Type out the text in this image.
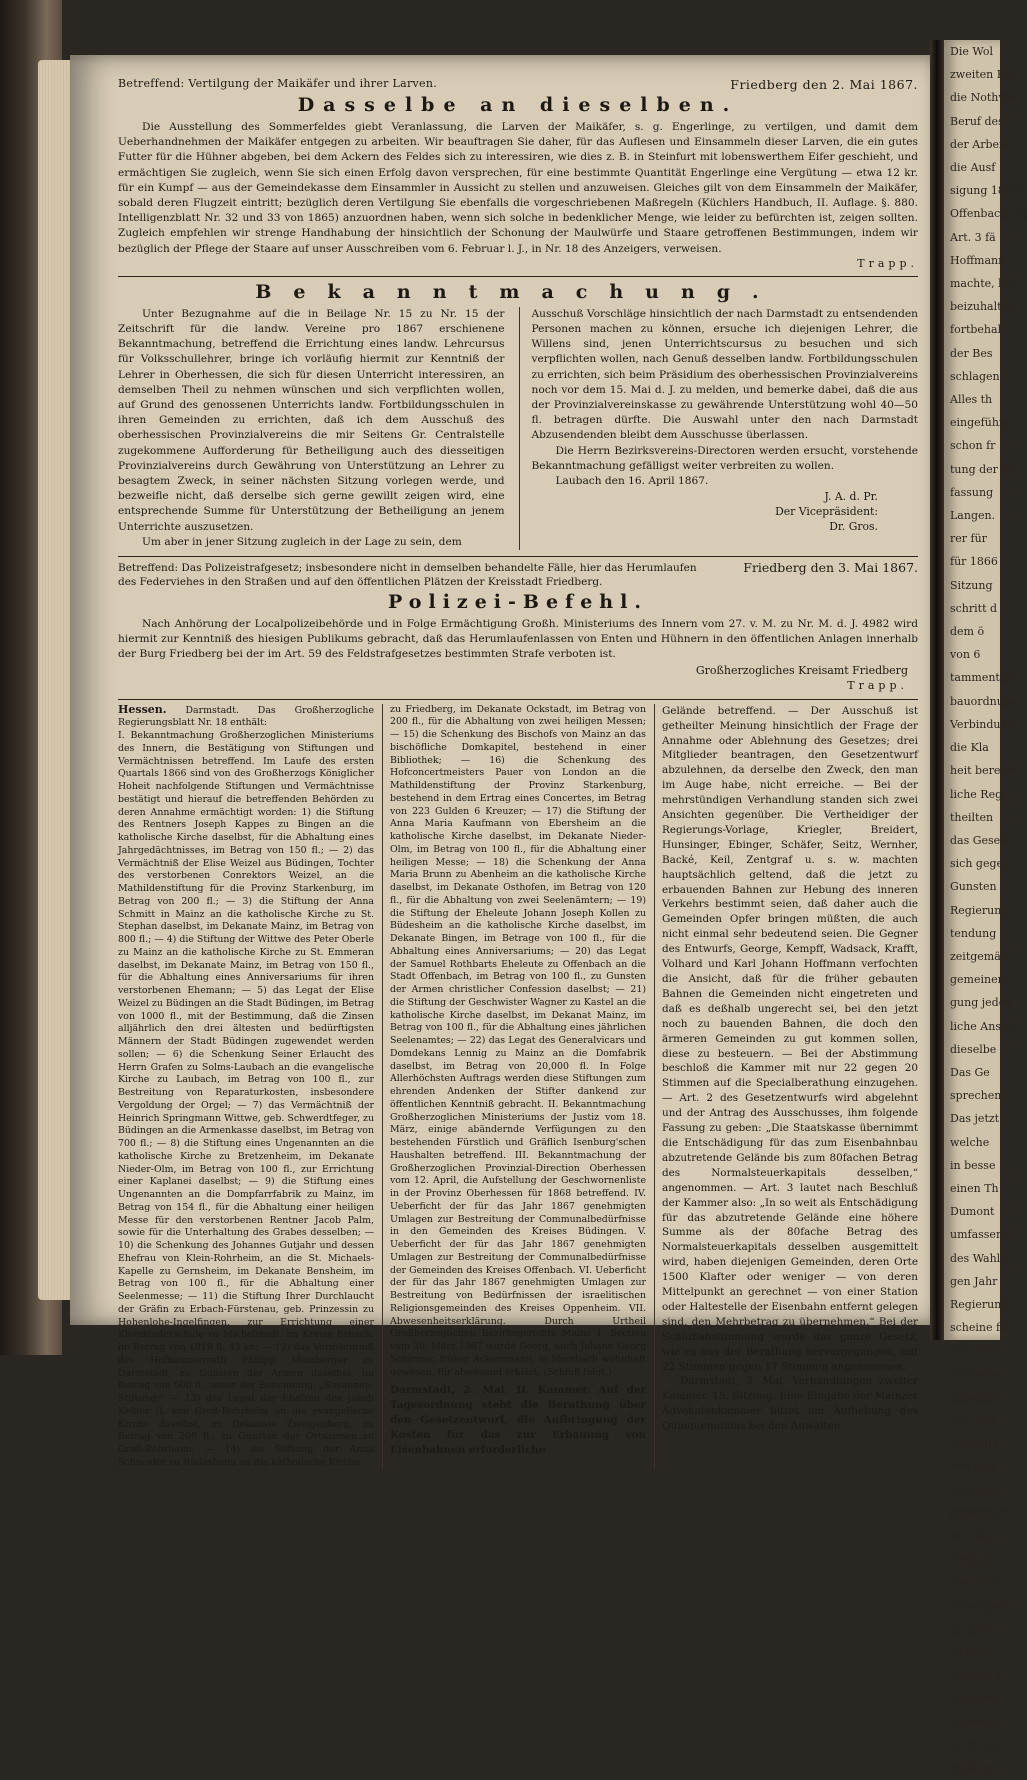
Betreffend: Vertilgung der Maikäfer und ihrer Larven.	Friedberg den 2. Mai 1867.
Dasselbe an dieselben.

Die Ausstellung des Sommerfeldes giebt Veranlassung, die Larven der Maikäfer, s. g. Engerlinge, zu vertilgen, und damit dem Ueberhandnehmen der Maikäfer entgegen zu arbeiten. Wir beauftragen Sie daher, für das Auflesen und Einsammeln dieser Larven, die ein gutes Futter für die Hühner abgeben, bei dem Ackern des Feldes sich zu interessiren, wie dies z. B. in Steinfurt mit lobenswerthem Eifer geschieht, und ermächtigen Sie zugleich, wenn Sie sich einen Erfolg davon versprechen, für eine bestimmte Quantität Engerlinge eine Vergütung — etwa 12 kr. für ein Kumpf — aus der Gemeindekasse dem Einsammler in Aussicht zu stellen und anzuweisen. Gleiches gilt von dem Einsammeln der Maikäfer, sobald deren Flugzeit eintritt; bezüglich deren Vertilgung Sie ebenfalls die vorgeschriebenen Maßregeln (Küchlers Handbuch, II. Auflage. §. 880. Intelligenzblatt Nr. 32 und 33 von 1865) anzuordnen haben, wenn sich solche in bedenklicher Menge, wie leider zu befürchten ist, zeigen sollten. Zugleich empfehlen wir strenge Handhabung der hinsichtlich der Schonung der Maulwürfe und Staare getroffenen Bestimmungen, indem wir bezüglich der Pflege der Staare auf unser Ausschreiben vom 6. Februar l. J., in Nr. 18 des Anzeigers, verweisen.

Trapp.
Bekanntmachung.

Unter Bezugnahme auf die in Beilage Nr. 15 zu Nr. 15 der Zeitschrift für die landw. Vereine pro 1867 erschienene Bekanntmachung, betreffend die Errichtung eines landw. Lehrcursus für Volksschullehrer, bringe ich vorläufig hiermit zur Kenntniß der Lehrer in Oberhessen, die sich für diesen Unterricht interessiren, an demselben Theil zu nehmen wünschen und sich verpflichten wollen, auf Grund des genossenen Unterrichts landw. Fortbildungsschulen in ihren Gemeinden zu errichten, daß ich dem Ausschuß des oberhessischen Provinzialvereins die mir Seitens Gr. Centralstelle zugekommene Aufforderung für Betheiligung auch des diesseitigen Provinzialvereins durch Gewährung von Unterstützung an Lehrer zu besagtem Zweck, in seiner nächsten Sitzung vorlegen werde, und bezweifle nicht, daß derselbe sich gerne gewillt zeigen wird, eine entsprechende Summe für Unterstützung der Betheiligung an jenem Unterrichte auszusetzen.

Um aber in jener Sitzung zugleich in der Lage zu sein, dem

Ausschuß Vorschläge hinsichtlich der nach Darmstadt zu entsendenden Personen machen zu können, ersuche ich diejenigen Lehrer, die Willens sind, jenen Unterrichtscursus zu besuchen und sich verpflichten wollen, nach Genuß desselben landw. Fortbildungsschulen zu errichten, sich beim Präsidium des oberhessischen Provinzialvereins noch vor dem 15. Mai d. J. zu melden, und bemerke dabei, daß die aus der Provinzialvereinskasse zu gewährende Unterstützung wohl 40—50 fl. betragen dürfte. Die Auswahl unter den nach Darmstadt Abzusendenden bleibt dem Ausschusse überlassen.

Die Herrn Bezirksvereins-Directoren werden ersucht, vorstehende Bekanntmachung gefälligst weiter verbreiten zu wollen.

Laubach den 16. April 1867.

J. A. d. Pr.
Der Vicepräsident:
Dr. Gros.
Betreffend: Das Polizeistrafgesetz; insbesondere nicht in demselben behandelte Fälle, hier das Herumlaufen des Federviehes in den Straßen und auf den öffentlichen Plätzen der Kreisstadt Friedberg.
Friedberg den 3. Mai 1867.
Polizei-Befehl.

Nach Anhörung der Localpolizeibehörde und in Folge Ermächtigung Großh. Ministeriums des Innern vom 27. v. M. zu Nr. M. d. J. 4982 wird hiermit zur Kenntniß des hiesigen Publikums gebracht, daß das Herumlaufenlassen von Enten und Hühnern in den öffentlichen Anlagen innerhalb der Burg Friedberg bei der im Art. 59 des Feldstrafgesetzes bestimmten Strafe verboten ist.

Großherzogliches Kreisamt Friedberg
Trapp.

Hessen. Darmstadt. Das Großherzogliche Regierungsblatt Nr. 18 enthält:

I. Bekanntmachung Großherzoglichen Ministeriums des Innern, die Bestätigung von Stiftungen und Vermächtnissen betreffend. Im Laufe des ersten Quartals 1866 sind von des Großherzogs Königlicher Hoheit nachfolgende Stiftungen und Vermächtnisse bestätigt und hierauf die betreffenden Behörden zu deren Annahme ermächtigt worden: 1) die Stiftung des Rentners Joseph Kappes zu Bingen an die katholische Kirche daselbst, für die Abhaltung eines Jahrgedächtnisses, im Betrag von 150 fl.; — 2) das Vermächtniß der Elise Weizel aus Büdingen, Tochter des verstorbenen Conrektors Weizel, an die Mathildenstiftung für die Provinz Starkenburg, im Betrag von 200 fl.; — 3) die Stiftung der Anna Schmitt in Mainz an die katholische Kirche zu St. Stephan daselbst, im Dekanate Mainz, im Betrag von 800 fl.; — 4) die Stiftung der Wittwe des Peter Oberle zu Mainz an die katholische Kirche zu St. Emmeran daselbst, im Dekanate Mainz, im Betrag von 150 fl., für die Abhaltung eines Anniversariums für ihren verstorbenen Ehemann; — 5) das Legat der Elise Weizel zu Büdingen an die Stadt Büdingen, im Betrag von 1000 fl., mit der Bestimmung, daß die Zinsen alljährlich den drei ältesten und bedürftigsten Männern der Stadt Büdingen zugewendet werden sollen; — 6) die Schenkung Seiner Erlaucht des Herrn Grafen zu Solms-Laubach an die evangelische Kirche zu Laubach, im Betrag von 100 fl., zur Bestreitung von Reparaturkosten, insbesondere Vergoldung der Orgel; — 7) das Vermächtniß der Heinrich Springmann Wittwe, geb. Schwerdtfeger, zu Büdingen an die Armenkasse daselbst, im Betrag von 700 fl.; — 8) die Stiftung eines Ungenannten an die katholische Kirche zu Bretzenheim, im Dekanate Nieder-Olm, im Betrag von 100 fl., zur Errichtung einer Kaplanei daselbst; — 9) die Stiftung eines Ungenannten an die Dompfarrfabrik zu Mainz, im Betrag von 154 fl., für die Abhaltung einer heiligen Messe für den verstorbenen Rentner Jacob Palm, sowie für die Unterhaltung des Grabes desselben; — 10) die Schenkung des Johannes Gutjahr und dessen Ehefrau von Klein-Rohrheim, an die St. Michaels-Kapelle zu Gernsheim, im Dekanate Bensheim, im Betrag von 100 fl., für die Abhaltung einer Seelenmesse; — 11) die Stiftung Ihrer Durchlaucht der Gräfin zu Erbach-Fürstenau, geb. Prinzessin zu Hohenlohe-Ingelfingen, zur Errichtung einer Kleinkinderschule zu Michelstadt, im Kreise Erbach, im Betrag von 1019 fl. 43 kr.; — 12) das Vermächtniß des Hofkammerrath Philipp Momberger zu Darmstadt, zu Gunsten der Armen daselbst, im Betrag von 500 fl., unter der Benennung: „Susannen-Stiftung;“ — 13) das Legat der Ehefrau des Jakob Keßler II. von Groß-Rohrheim an die evangelische Kirche daselbst, im Dekanate Zwingenberg, im Betrag von 200 fl., zu Gunsten der Ortsarmen zu Groß-Rohrheim; — 14) die Stiftung der Anna Schneider zu Rüdesheim an die katholische Kirche

zu Friedberg, im Dekanate Ockstadt, im Betrag von 200 fl., für die Abhaltung von zwei heiligen Messen; — 15) die Schenkung des Bischofs von Mainz an das bischöfliche Domkapitel, bestehend in einer Bibliothek; — 16) die Schenkung des Hofconcertmeisters Pauer von London an die Mathildenstiftung der Provinz Starkenburg, bestehend in dem Ertrag eines Concertes, im Betrag von 223 Gulden 6 Kreuzer; — 17) die Stiftung der Anna Maria Kaufmann von Ebersheim an die katholische Kirche daselbst, im Dekanate Nieder-Olm, im Betrag von 100 fl., für die Abhaltung einer heiligen Messe; — 18) die Schenkung der Anna Maria Brunn zu Abenheim an die katholische Kirche daselbst, im Dekanate Osthofen, im Betrag von 120 fl., für die Abhaltung von zwei Seelenämtern; — 19) die Stiftung der Eheleute Johann Joseph Kollen zu Büdesheim an die katholische Kirche daselbst, im Dekanate Bingen, im Betrage von 100 fl., für die Abhaltung eines Anniversariums; — 20) das Legat der Samuel Rothbarts Eheleute zu Offenbach an die Stadt Offenbach, im Betrag von 100 fl., zu Gunsten der Armen christlicher Confession daselbst; — 21) die Stiftung der Geschwister Wagner zu Kastel an die katholische Kirche daselbst, im Dekanat Mainz, im Betrag von 100 fl., für die Abhaltung eines jährlichen Seelenamtes; — 22) das Legat des Generalvicars und Domdekans Lennig zu Mainz an die Domfabrik daselbst, im Betrag von 20,000 fl. In Folge Allerhöchsten Auftrags werden diese Stiftungen zum ehrenden Andenken der Stifter dankend zur öffentlichen Kenntniß gebracht. II. Bekanntmachung Großherzoglichen Ministeriums der Justiz vom 18. März, einige abändernde Verfügungen zu den bestehenden Fürstlich und Gräflich Isenburg'schen Haushalten betreffend. III. Bekanntmachung der Großherzoglichen Provinzial-Direction Oberhessen vom 12. April, die Aufstellung der Geschwornenliste in der Provinz Oberhessen für 1868 betreffend. IV. Ueberficht der für das Jahr 1867 genehmigten Umlagen zur Bestreitung der Communalbedürfnisse in den Gemeinden des Kreises Büdingen. V. Ueberficht der für das Jahr 1867 genehmigten Umlagen zur Bestreitung der Communalbedürfnisse der Gemeinden des Kreises Offenbach. VI. Ueberficht der für das Jahr 1867 genehmigten Umlagen zur Bestreitung von Bedürfnissen der israelitischen Religionsgemeinden des Kreises Oppenheim. VII. Abwesenheitserklärung. Durch Urtheil Großherzoglichen Bezirksgerichts Mainz I. Section vom 30. März 1867 wurde Georg, auch Johann Georg Schirmer, früher Ackersmann, in Mombach wohnhaft gewesen, für abwesend erklärt. (Schluß folgt.)

Darmstadt, 2. Mai. II. Kammer. Auf der Tagesordnung steht die Berathung über den Gesetzentwurf, die Aufbringung der Kosten für das zur Erbauung von Eisenbahnen erforderliche

Gelände betreffend. — Der Ausschuß ist getheilter Meinung hinsichtlich der Frage der Annahme oder Ablehnung des Gesetzes; drei Mitglieder beantragen, den Gesetzentwurf abzulehnen, da derselbe den Zweck, den man im Auge habe, nicht erreiche. — Bei der mehrstündigen Verhandlung standen sich zwei Ansichten gegenüber. Die Vertheidiger der Regierungs-Vorlage, Kriegler, Breidert, Hunsinger, Ebinger, Schäfer, Seitz, Wernher, Backé, Keil, Zentgraf u. s. w. machten hauptsächlich geltend, daß die jetzt zu erbauenden Bahnen zur Hebung des inneren Verkehrs bestimmt seien, daß daher auch die Gemeinden Opfer bringen müßten, die auch nicht einmal sehr bedeutend seien. Die Gegner des Entwurfs, George, Kempff, Wadsack, Krafft, Volhard und Karl Johann Hoffmann verfochten die Ansicht, daß für die früher gebauten Bahnen die Gemeinden nicht eingetreten und daß es deßhalb ungerecht sei, bei den jetzt noch zu bauenden Bahnen, die doch den ärmeren Gemeinden zu gut kommen sollen, diese zu besteuern. — Bei der Abstimmung beschloß die Kammer mit nur 22 gegen 20 Stimmen auf die Specialberathung einzugehen. — Art. 2 des Gesetzentwurfs wird abgelehnt und der Antrag des Ausschusses, ihm folgende Fassung zu geben: „Die Staatskasse übernimmt die Entschädigung für das zum Eisenbahnbau abzutretende Gelände bis zum 80fachen Betrag des Normalsteuerkapitals desselben,“ angenommen. — Art. 3 lautet nach Beschluß der Kammer also: „In so weit als Entschädigung für das abzutretende Gelände eine höhere Summe als der 80fache Betrag des Normalsteuerkapitals desselben ausgemittelt wird, haben diejenigen Gemeinden, deren Orte 1500 Klafter oder weniger — von deren Mittelpunkt an gerechnet — von einer Station oder Haltestelle der Eisenbahn entfernt gelegen sind, den Mehrbetrag zu übernehmen.“ Bei der Schlußabstimmung wurde das ganze Gesetz, wie es aus der Berathung hervorgegangen, mit 22 Stimmen gegen 17 Stimmen angenommen.

Darmstadt, 3. Mai. Verhandlungen zweiter Kammer. 15. Sitzung. Eine Eingabe der Mainzer Advokatenkammer bittet um Aufhebung des Quinquenniums bei den Anwälten.

Die Wol
zweiten Ka
die Nothwe
Beruf des
der Arbeite
die Ausf
sigung 1869
Offenbach: Di
Art. 3 fä
Hoffmann
machte, ba
beizuhalten
fortbehal
der Bes
schlagen,
Alles th
eingeführt
schon fr
tung der Ve
fassung
Langen.
rer für
für 1866
Sitzung
schritt d
dem ö
von 6
tammentrit
bauordnung
Verbindung
die Kla
heit bereich
liche Regi
theilten
das Gesetz
sich gegen
Gunsten
Regierung
tendung
zeitgemäß
gemeinen
gung jedes
liche Ansich
dieselbe
Das Ge
sprechen
Das jetzt
welche
in besse
einen Th
Dumont
umfassend
des Wahlg
gen Jahr
Regierung
scheine fas
das Wahl
haltnisse
tutionen
der Aufs
aufgehob
zeit gebi
nur irgen
gegenwär
die Wahl
Ursache
über Erl
Erörterung
zu Tage
es sich
werden k
Zentgraf
diesem fi
ob es bei
Dumont.
